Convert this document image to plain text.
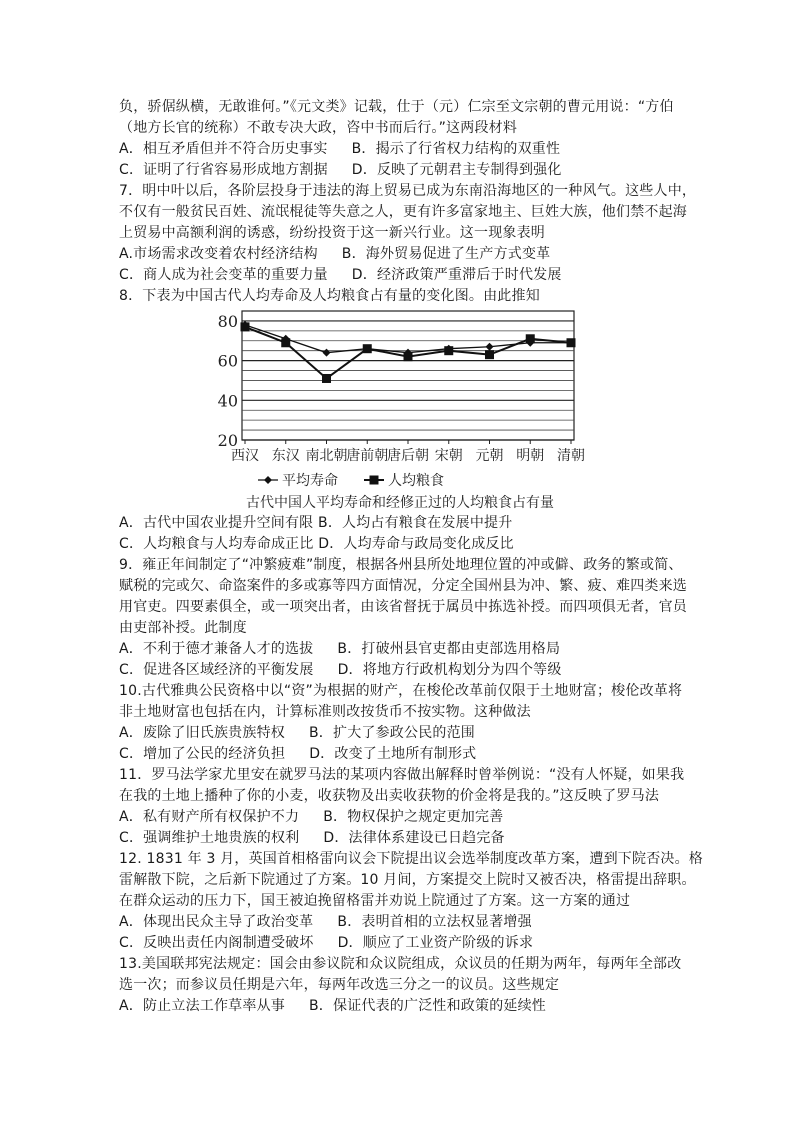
负，骄倨纵横，无敢谁何。”《元文类》记载，仕于（元）仁宗至文宗朝的曹元用说：“方伯
（地方长官的统称）不敢专决大政，咨中书而后行。”这两段材料
A．相互矛盾但并不符合历史事实 B．揭示了行省权力结构的双重性
C．证明了行省容易形成地方割据 D．反映了元朝君主专制得到强化
7．明中叶以后，各阶层投身于违法的海上贸易已成为东南沿海地区的一种风气。这些人中，
不仅有一般贫民百姓、流氓棍徒等失意之人，更有许多富家地主、巨姓大族，他们禁不起海
上贸易中高额利润的诱惑，纷纷投资于这一新兴行业。这一现象表明
A.市场需求改变着农村经济结构 B．海外贸易促进了生产方式变革
C．商人成为社会变革的重要力量 D．经济政策严重滞后于时代发展
8．下表为中国古代人均寿命及人均粮食占有量的变化图。由此推知
20
40
60
80
西汉 东汉 南北朝
唐前朝
唐后朝 宋朝 元朝 明朝 清朝
平均寿命	人均粮食
古代中国人平均寿命和经修正过的人均粮食占有量
A．古代中国农业提升空间有限 B．人均占有粮食在发展中提升
C．人均粮食与人均寿命成正比 D．人均寿命与政局变化成反比
9．雍正年间制定了“冲繁疲难”制度，根据各州县所处地理位置的冲或僻、政务的繁或简、
赋税的完或欠、命盗案件的多或寡等四方面情况，分定全国州县为冲、繁、疲、难四类来选
用官吏。四要素俱全，或一项突出者，由该省督抚于属员中拣选补授。而四项俱无者，官员
由吏部补授。此制度
A．不利于德才兼备人才的选拔 B．打破州县官吏都由吏部选用格局
C．促进各区域经济的平衡发展 D．将地方行政机构划分为四个等级
10.古代雅典公民资格中以“资”为根据的财产，在梭伦改革前仅限于土地财富；梭伦改革将
非土地财富也包括在内，计算标准则改按货币不按实物。这种做法
A．废除了旧氏族贵族特权 B．扩大了参政公民的范围
C．增加了公民的经济负担 D．改变了土地所有制形式
11．罗马法学家尤里安在就罗马法的某项内容做出解释时曾举例说：“没有人怀疑，如果我
在我的土地上播种了你的小麦，收获物及出卖收获物的价金将是我的。”这反映了罗马法
A．私有财产所有权保护不力 B．物权保护之规定更加完善
C．强调维护土地贵族的权利 D．法律体系建设已日趋完备
12. 1831 年 3 月，英国首相格雷向议会下院提出议会选举制度改革方案，遭到下院否决。格
雷解散下院，之后新下院通过了方案。10 月间，方案提交上院时又被否决，格雷提出辞职。
在群众运动的压力下，国王被迫挽留格雷并劝说上院通过了方案。这一方案的通过
A．体现出民众主导了政治变革 B．表明首相的立法权显著增强
C．反映出责任内阁制遭受破坏 D．顺应了工业资产阶级的诉求
13.美国联邦宪法规定：国会由参议院和众议院组成，众议员的任期为两年，每两年全部改
选一次；而参议员任期是六年，每两年改选三分之一的议员。这些规定
A．防止立法工作草率从事 B．保证代表的广泛性和政策的延续性
